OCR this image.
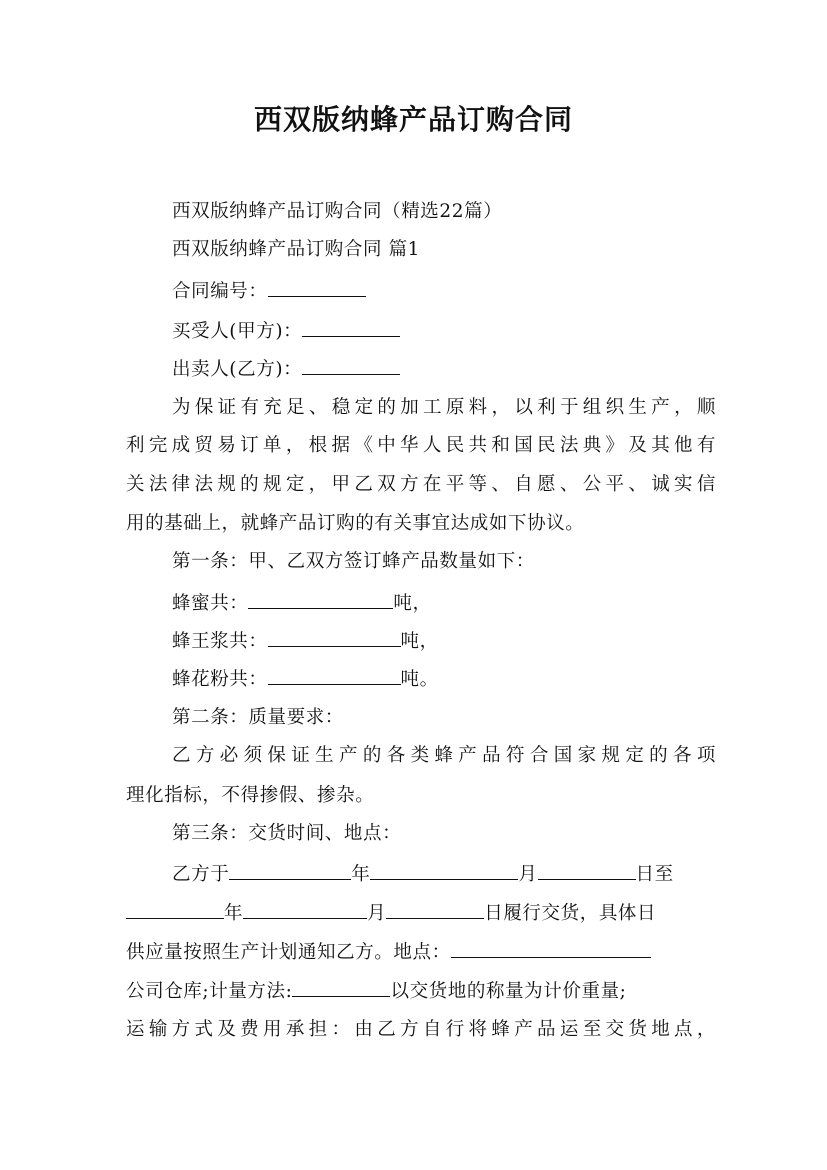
西双版纳蜂产品订购合同
西双版纳蜂产品订购合同（精选22篇）
西双版纳蜂产品订购合同 篇1
合同编号：
买受人(甲方)：
出卖人(乙方)：
为保证有充足、稳定的加工原料，以利于组织生产，顺
利完成贸易订单，根据《中华人民共和国民法典》及其他有
关法律法规的规定，甲乙双方在平等、自愿、公平、诚实信
用的基础上，就蜂产品订购的有关事宜达成如下协议。
第一条：甲、乙双方签订蜂产品数量如下：
蜂蜜共：	吨，
蜂王浆共：	吨，
蜂花粉共：	吨。
第二条：质量要求：
乙方必须保证生产的各类蜂产品符合国家规定的各项
理化指标，不得掺假、掺杂。
第三条：交货时间、地点：
乙方于	年	月	日至
年	月	日履行交货，具体日
供应量按照生产计划通知乙方。地点：
公司仓库;计量方法:	以交货地的称量为计价重量;
运输方式及费用承担：由乙方自行将蜂产品运至交货地点，
